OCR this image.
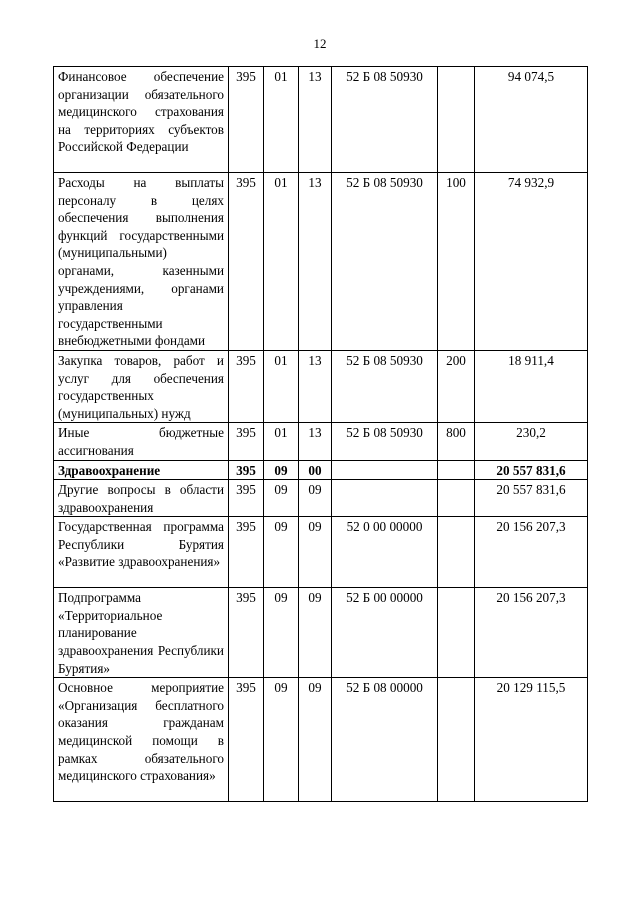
12
Финансовое обеспечение организации обязательного медицинского страхования на территориях субъектов Российской Федерации	395	01	13	52 Б 08 50930		94 074,5
Расходы на выплаты персоналу в целях обеспечения выполнения функций государственными (муниципальными) органами, казенными учреждениями, органами управления государственными внебюджетными фондами	395	01	13	52 Б 08 50930	100	74 932,9
Закупка товаров, работ и услуг для обеспечения государственных (муниципальных) нужд	395	01	13	52 Б 08 50930	200	18 911,4
Иные бюджетные ассигнования	395	01	13	52 Б 08 50930	800	230,2
Здравоохранение	395	09	00			20 557 831,6
Другие вопросы в области здравоохранения	395	09	09			20 557 831,6
Государственная программа Республики Бурятия «Развитие здравоохранения»	395	09	09	52 0 00 00000		20 156 207,3
Подпрограмма «Территориальное планирование здравоохранения Республики Бурятия»	395	09	09	52 Б 00 00000		20 156 207,3
Основное мероприятие «Организация бесплатного оказания гражданам медицинской помощи в рамках обязательного медицинского страхования»	395	09	09	52 Б 08 00000		20 129 115,5
